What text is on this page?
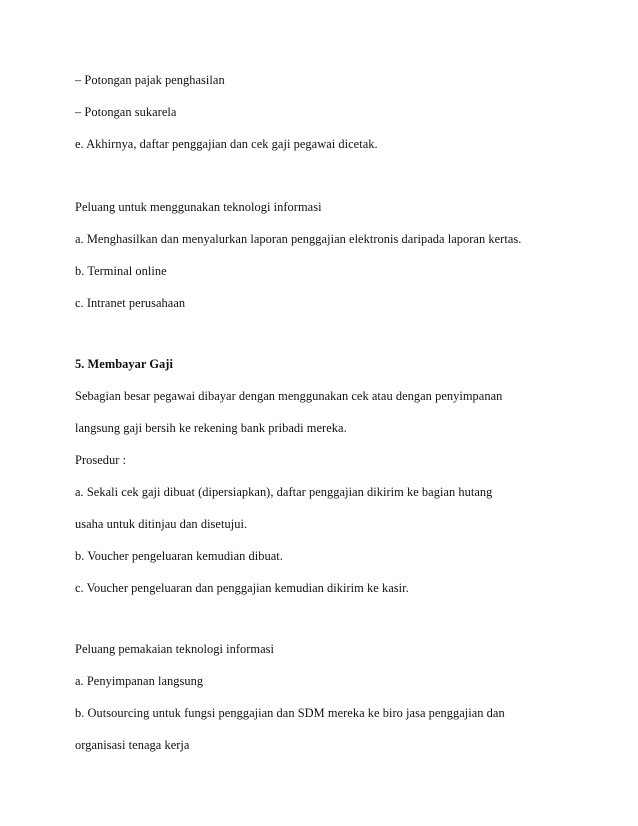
– Potongan pajak penghasilan
– Potongan sukarela
e. Akhirnya, daftar penggajian dan cek gaji pegawai dicetak.
Peluang untuk menggunakan teknologi informasi
a. Menghasilkan dan menyalurkan laporan penggajian elektronis daripada laporan kertas.
b. Terminal online
c. Intranet perusahaan
5. Membayar Gaji
Sebagian besar pegawai dibayar dengan menggunakan cek atau dengan penyimpanan
langsung gaji bersih ke rekening bank pribadi mereka.
Prosedur :
a. Sekali cek gaji dibuat (dipersiapkan), daftar penggajian dikirim ke bagian hutang
usaha untuk ditinjau dan disetujui.
b. Voucher pengeluaran kemudian dibuat.
c. Voucher pengeluaran dan penggajian kemudian dikirim ke kasir.
Peluang pemakaian teknologi informasi
a. Penyimpanan langsung
b. Outsourcing untuk fungsi penggajian dan SDM mereka ke biro jasa penggajian dan
organisasi tenaga kerja
